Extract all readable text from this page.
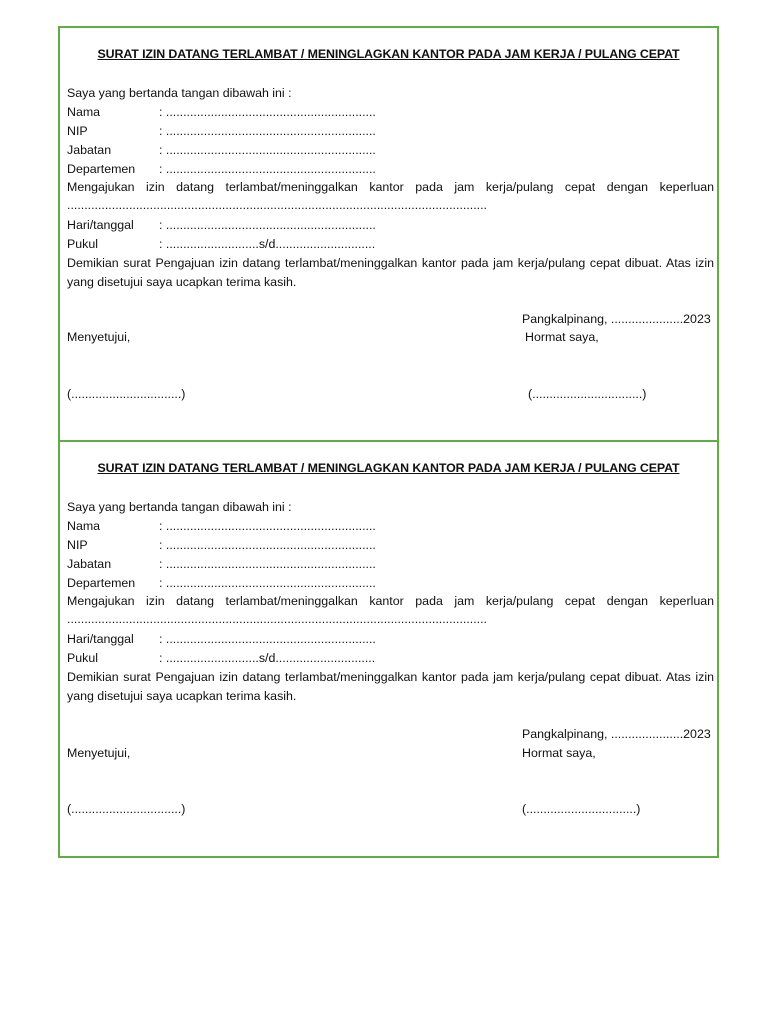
SURAT IZIN DATANG TERLAMBAT / MENINGLAGKAN KANTOR PADA JAM KERJA / PULANG CEPAT
Saya yang bertanda tangan dibawah ini :
Nama	: .............................................................
NIP	: .............................................................
Jabatan	: .............................................................
Departemen : .............................................................
Mengajukan izin datang terlambat/meninggalkan kantor pada jam kerja/pulang cepat dengan keperluan
..........................................................................................................................
Hari/tanggal : .............................................................
Pukul	: ...........................s/d.............................
Demikian surat Pengajuan izin datang terlambat/meninggalkan kantor pada jam kerja/pulang cepat dibuat. Atas izin yang disetujui saya ucapkan terima kasih.
Pangkalpinang, .....................2023
Menyetujui,	Hormat saya,
(................................)	(................................)
SURAT IZIN DATANG TERLAMBAT / MENINGLAGKAN KANTOR PADA JAM KERJA / PULANG CEPAT
Saya yang bertanda tangan dibawah ini :
Nama	: .............................................................
NIP	: .............................................................
Jabatan	: .............................................................
Departemen : .............................................................
Mengajukan izin datang terlambat/meninggalkan kantor pada jam kerja/pulang cepat dengan keperluan
..........................................................................................................................
Hari/tanggal : .............................................................
Pukul	: ...........................s/d.............................
Demikian surat Pengajuan izin datang terlambat/meninggalkan kantor pada jam kerja/pulang cepat dibuat. Atas izin yang disetujui saya ucapkan terima kasih.
Pangkalpinang, .....................2023
Menyetujui,	Hormat saya,
(................................)	(................................)
